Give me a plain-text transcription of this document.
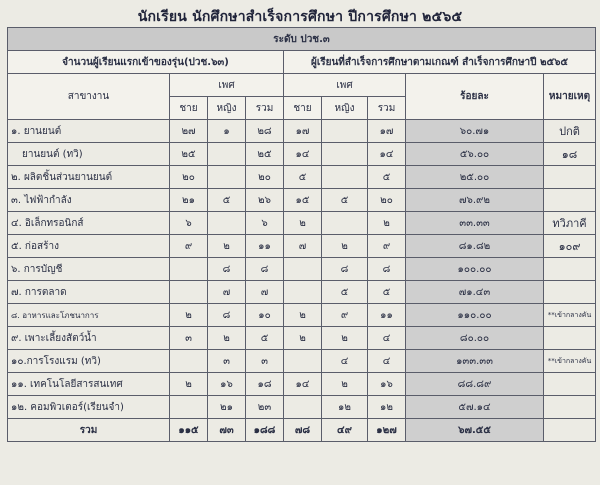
นักเรียน นักศึกษาสำเร็จการศึกษา ปีการศึกษา ๒๕๖๕
ระดับ ปวช.๓								
จำนวนผู้เรียนแรกเข้าของรุ่น(ปวช.๖๓)				ผู้เรียนที่สำเร็จการศึกษาตามเกณฑ์ สำเร็จการศึกษาปี ๒๕๖๕				
สาขางาน	เพศ			เพศ			ร้อยละ	หมายเหตุ
	ชาย	หญิง	รวม	ชาย	หญิง	รวม		
๑. ยานยนต์	๒๗	๑	๒๘	๑๗		๑๗	๖๐.๗๑	ปกติ
ยานยนต์ (ทวิ)	๒๕		๒๕	๑๔		๑๔	๕๖.๐๐	๑๘
๒. ผลิตชิ้นส่วนยานยนต์	๒๐		๒๐	๕		๕	๒๕.๐๐	
๓. ไฟฟ้ากำลัง	๒๑	๕	๒๖	๑๕	๕	๒๐	๗๖.๙๒	
๔. อิเล็กทรอนิกส์	๖		๖	๒		๒	๓๓.๓๓	ทวิภาคี
๕. ก่อสร้าง	๙	๒	๑๑	๗	๒	๙	๘๑.๘๒	๑๐๙
๖. การบัญชี		๘	๘		๘	๘	๑๐๐.๐๐	
๗. การตลาด		๗	๗		๕	๕	๗๑.๔๓	
๘. อาหารและโภชนาการ	๒	๘	๑๐	๒	๙	๑๑	๑๑๐.๐๐	**เข้ากลางคัน
๙. เพาะเลี้ยงสัตว์น้ำ	๓	๒	๕	๒	๒	๔	๘๐.๐๐	
๑๐.การโรงแรม (ทวิ)		๓	๓		๔	๔	๑๓๓.๓๓	**เข้ากลางคัน
๑๑. เทคโนโลยีสารสนเทศ	๒	๑๖	๑๘	๑๔	๒	๑๖	๘๘.๘๙	
๑๒. คอมพิวเตอร์(เรียนจำ)		๒๑	๒๓		๑๒	๑๒	๕๗.๑๔	
รวม	๑๑๕	๗๓	๑๘๘	๗๘	๔๙	๑๒๗	๖๗.๕๕	
